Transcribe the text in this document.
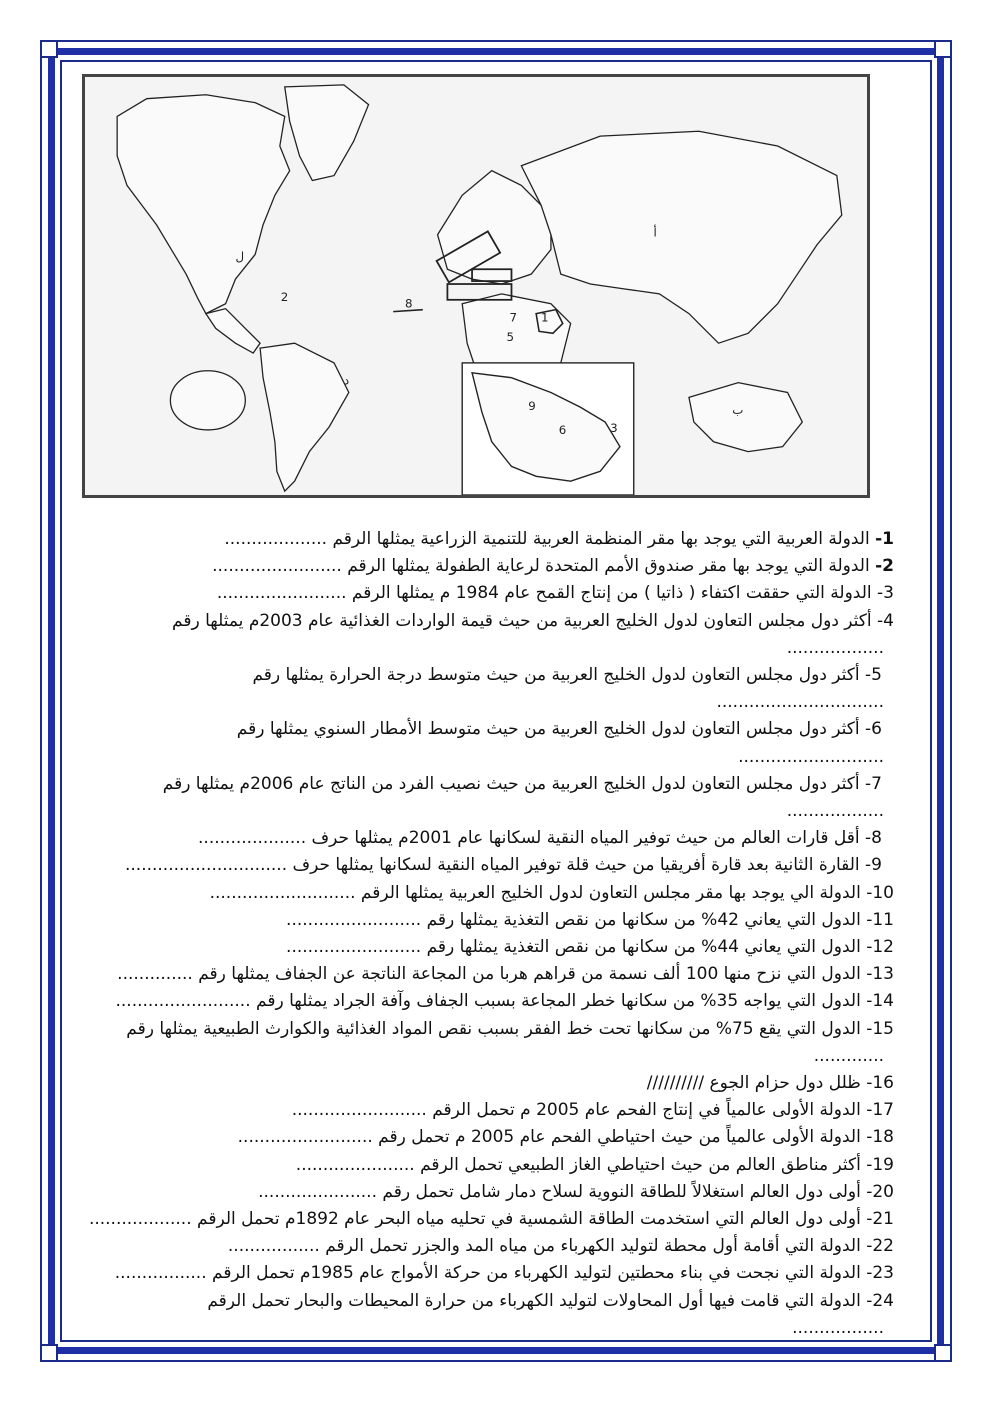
ل
2
د
أ
ب
7
5
1
8
9
6	3
1- الدولة العربية التي يوجد بها مقر المنظمة العربية للتنمية الزراعية يمثلها الرقم ...................
2- الدولة التي يوجد بها مقر صندوق الأمم المتحدة لرعاية الطفولة يمثلها الرقم ........................
3- الدولة التي حققت اكتفاء ( ذاتيا ) من إنتاج القمح عام 1984 م يمثلها الرقم ........................
4- أكثر دول مجلس التعاون لدول الخليج العربية من حيث قيمة الواردات الغذائية عام 2003م يمثلها رقم
..................
5- أكثر دول مجلس التعاون لدول الخليج العربية من حيث متوسط درجة الحرارة يمثلها رقم
...............................
6- أكثر دول مجلس التعاون لدول الخليج العربية من حيث متوسط الأمطار السنوي يمثلها رقم
...........................
7- أكثر دول مجلس التعاون لدول الخليج العربية من حيث نصيب الفرد من الناتج عام 2006م يمثلها رقم
..................
8- أقل قارات العالم من حيث توفير المياه النقية لسكانها عام 2001م يمثلها حرف ....................
9- القارة الثانية بعد قارة أفريقيا من حيث قلة توفير المياه النقية لسكانها يمثلها حرف ..............................
10- الدولة الي يوجد بها مقر مجلس التعاون لدول الخليج العربية يمثلها الرقم ...........................
11- الدول التي يعاني 42% من سكانها من نقص التغذية يمثلها رقم .........................
12- الدول التي يعاني 44% من سكانها من نقص التغذية يمثلها رقم .........................
13- الدول التي نزح منها 100 ألف نسمة من قراهم هربا من المجاعة الناتجة عن الجفاف يمثلها رقم ..............
14- الدول التي يواجه 35% من سكانها خطر المجاعة بسبب الجفاف وآفة الجراد يمثلها رقم .........................
15- الدول التي يقع 75% من سكانها تحت خط الفقر بسبب نقص المواد الغذائية والكوارث الطبيعية يمثلها رقم
.............
16- ظلل دول حزام الجوع //////////
17- الدولة الأولى عالمياً في إنتاج الفحم عام 2005 م تحمل الرقم .........................
18- الدولة الأولى عالمياً من حيث احتياطي الفحم عام 2005 م تحمل رقم .........................
19- أكثر مناطق العالم من حيث احتياطي الغاز الطبيعي تحمل الرقم ......................
20- أولى دول العالم استغلالاً للطاقة النووية لسلاح دمار شامل تحمل رقم ......................
21- أولى دول العالم التي استخدمت الطاقة الشمسية في تحليه مياه البحر عام 1892م تحمل الرقم ...................
22- الدولة التي أقامة أول محطة لتوليد الكهرباء من مياه المد والجزر تحمل الرقم .................
23- الدولة التي نجحت في بناء محطتين لتوليد الكهرباء من حركة الأمواج عام 1985م تحمل الرقم .................
24- الدولة التي قامت فيها أول المحاولات لتوليد الكهرباء من حرارة المحيطات والبحار تحمل الرقم
.................
